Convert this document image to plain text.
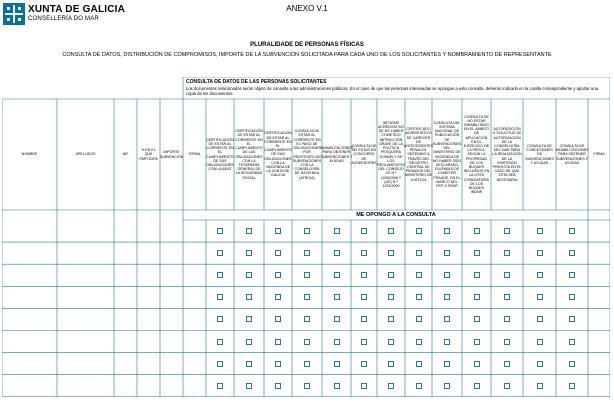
XUNTA DE GALICIA
CONSELLERÍA DO MAR
ANEXO V.1
PLURALIDADE DE PERSONAS FÍSICAS
CONSULTA DE DATOS, DISTRIBUCIÓN DE COMPROMISOS, IMPORTE DE LA SUBVENCIÓN SOLICITADA PARA CADA UNO DE LOS SOLICITANTES Y NOMBRAMIENTO DE REPRESENTANTE
CONSULTA DE DATOS DE LAS PERSONAS SOLICITANTES
Los documentos relacionados serán objeto de consulta a las administraciones públicas. En el caso de que las personas interesadas se opongan a esta consulta, deberán indicarlo en la casilla correspondiente y aportar una copia de los documentos.
NOMBRE	APELLIDOS	NIF
% EN EL QUE PARTICIPA
IMPORTE SUBVENCIÓN
FIRMA
CERTIFICACIÓN DE ESTAR AL CORRIENTE EN EL CUMPLIMIENTO DE SUS OBLIGACIONES CON LA AEAT
CERTIFICACIÓN DE ESTAR AL CORRIENTE EN EL CUMPLIMIENTO DE LAS OBLIGACIONES CON LA TESORERÍA GENERAL DE LA SEGURIDAD SOCIAL
CERTIFICACIÓN DE ESTAR AL CORRIENTE EN EL CUMPLIMIENTO DE SUS OBLIGACIONES CON LA HACIENDA DE LA XUNTA DE GALICIA
CONSULTA DE ESTAR AL CORRIENTE EN EL PAGO DE OBLIGACIONES POR REINTEGRO DE SUBVENCIONES CON LA CONSELLERÍA DE HACIENDA (ATRIGA)
INHABILITACIONES PARA OBTENER SUBVENCIONES Y AYUDAS
CONSULTA DE NO ESTAR EN CONCURSO DE ACREEDORES
INFORME ACREDITATIVO DE NO HABER COMETIDO INFRACCIÓN GRAVE DE LA POLÍTICA PESQUERA COMÚN Y DE LOS REGLAMENTOS DEL CONSEJO CE N.º 1005/2008 Y (UE) N.º 1224/2009
CERTIFICADO ACREDITATIVO DE CARECER DE ANTECEDENTES PENALES, OBTENIDO A TRAVÉS DEL REGISTRO CENTRAL DE PENADOS DEL MINISTERIO DE JUSTICIA
CONSULTA DEL SISTEMA NACIONAL DE PUBLICACIÓN DE SUBVENCIONES DEL MINISTERIO DE HACIENDA DE NO HABER SIDO DECLARADO CULPABLE DE COMETER FRAUDE, EN EL MARCO DEL FEP O FEMP
CONSULTA DE NO ESTAR INHABILITADO EN EL ÁMBITO DE APLICACIÓN EN EL EJERCICIO DE LA PESCA, SEGÚN LA PROPIEDAD DE LOS BUQUES INCLUIDOS EN LA LISTA COMUNITARIA DE LOS BUQUES INDNR
AUTORIZACIÓN O SOLICITUD DE AUTORIZACIÓN DE LA CONSELLERÍA DEL MAR PARA LA REALIZACIÓN DE LA INVERSIÓN PREVISTA EN EL CASO DE QUE ESTA SEA NECESARIA
CONSULTA DE CONCESIONES DE SUBVENCIONES Y AYUDAS
CONSULTA DE INHABILITACIONES PARA OBTENER SUBVENCIONES Y AYUDAS
FIRMA
ME OPONGO A LA CONSULTA
